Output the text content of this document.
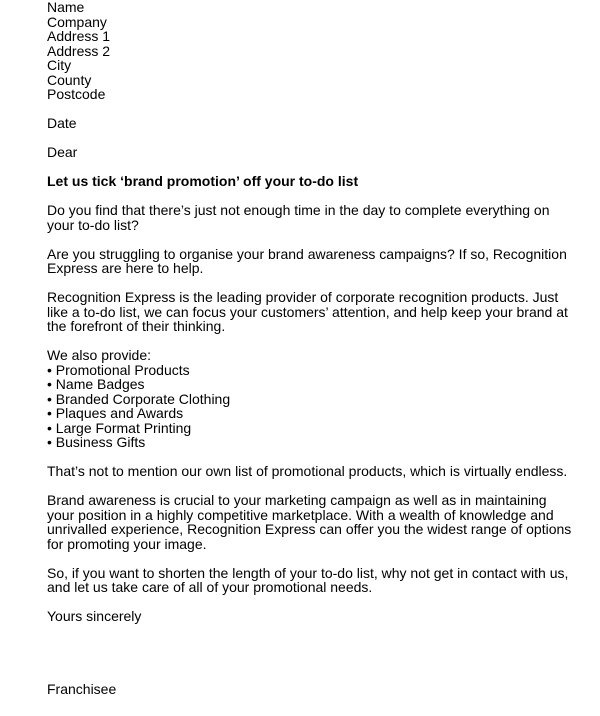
Name
Company
Address 1
Address 2
City
County
Postcode
Date
Dear
Let us tick ‘brand promotion’ off your to-do list
Do you find that there’s just not enough time in the day to complete everything on your to-do list?
Are you struggling to organise your brand awareness campaigns? If so, Recognition Express are here to help.
Recognition Express is the leading provider of corporate recognition products. Just like a to-do list, we can focus your customers’ attention, and help keep your brand at the forefront of their thinking.
We also provide:
• Promotional Products
• Name Badges
• Branded Corporate Clothing
• Plaques and Awards
• Large Format Printing
• Business Gifts
That’s not to mention our own list of promotional products, which is virtually endless.
Brand awareness is crucial to your marketing campaign as well as in maintaining your position in a highly competitive marketplace. With a wealth of knowledge and unrivalled experience, Recognition Express can offer you the widest range of options for promoting your image.
So, if you want to shorten the length of your to-do list, why not get in contact with us, and let us take care of all of your promotional needs.
Yours sincerely
Franchisee
